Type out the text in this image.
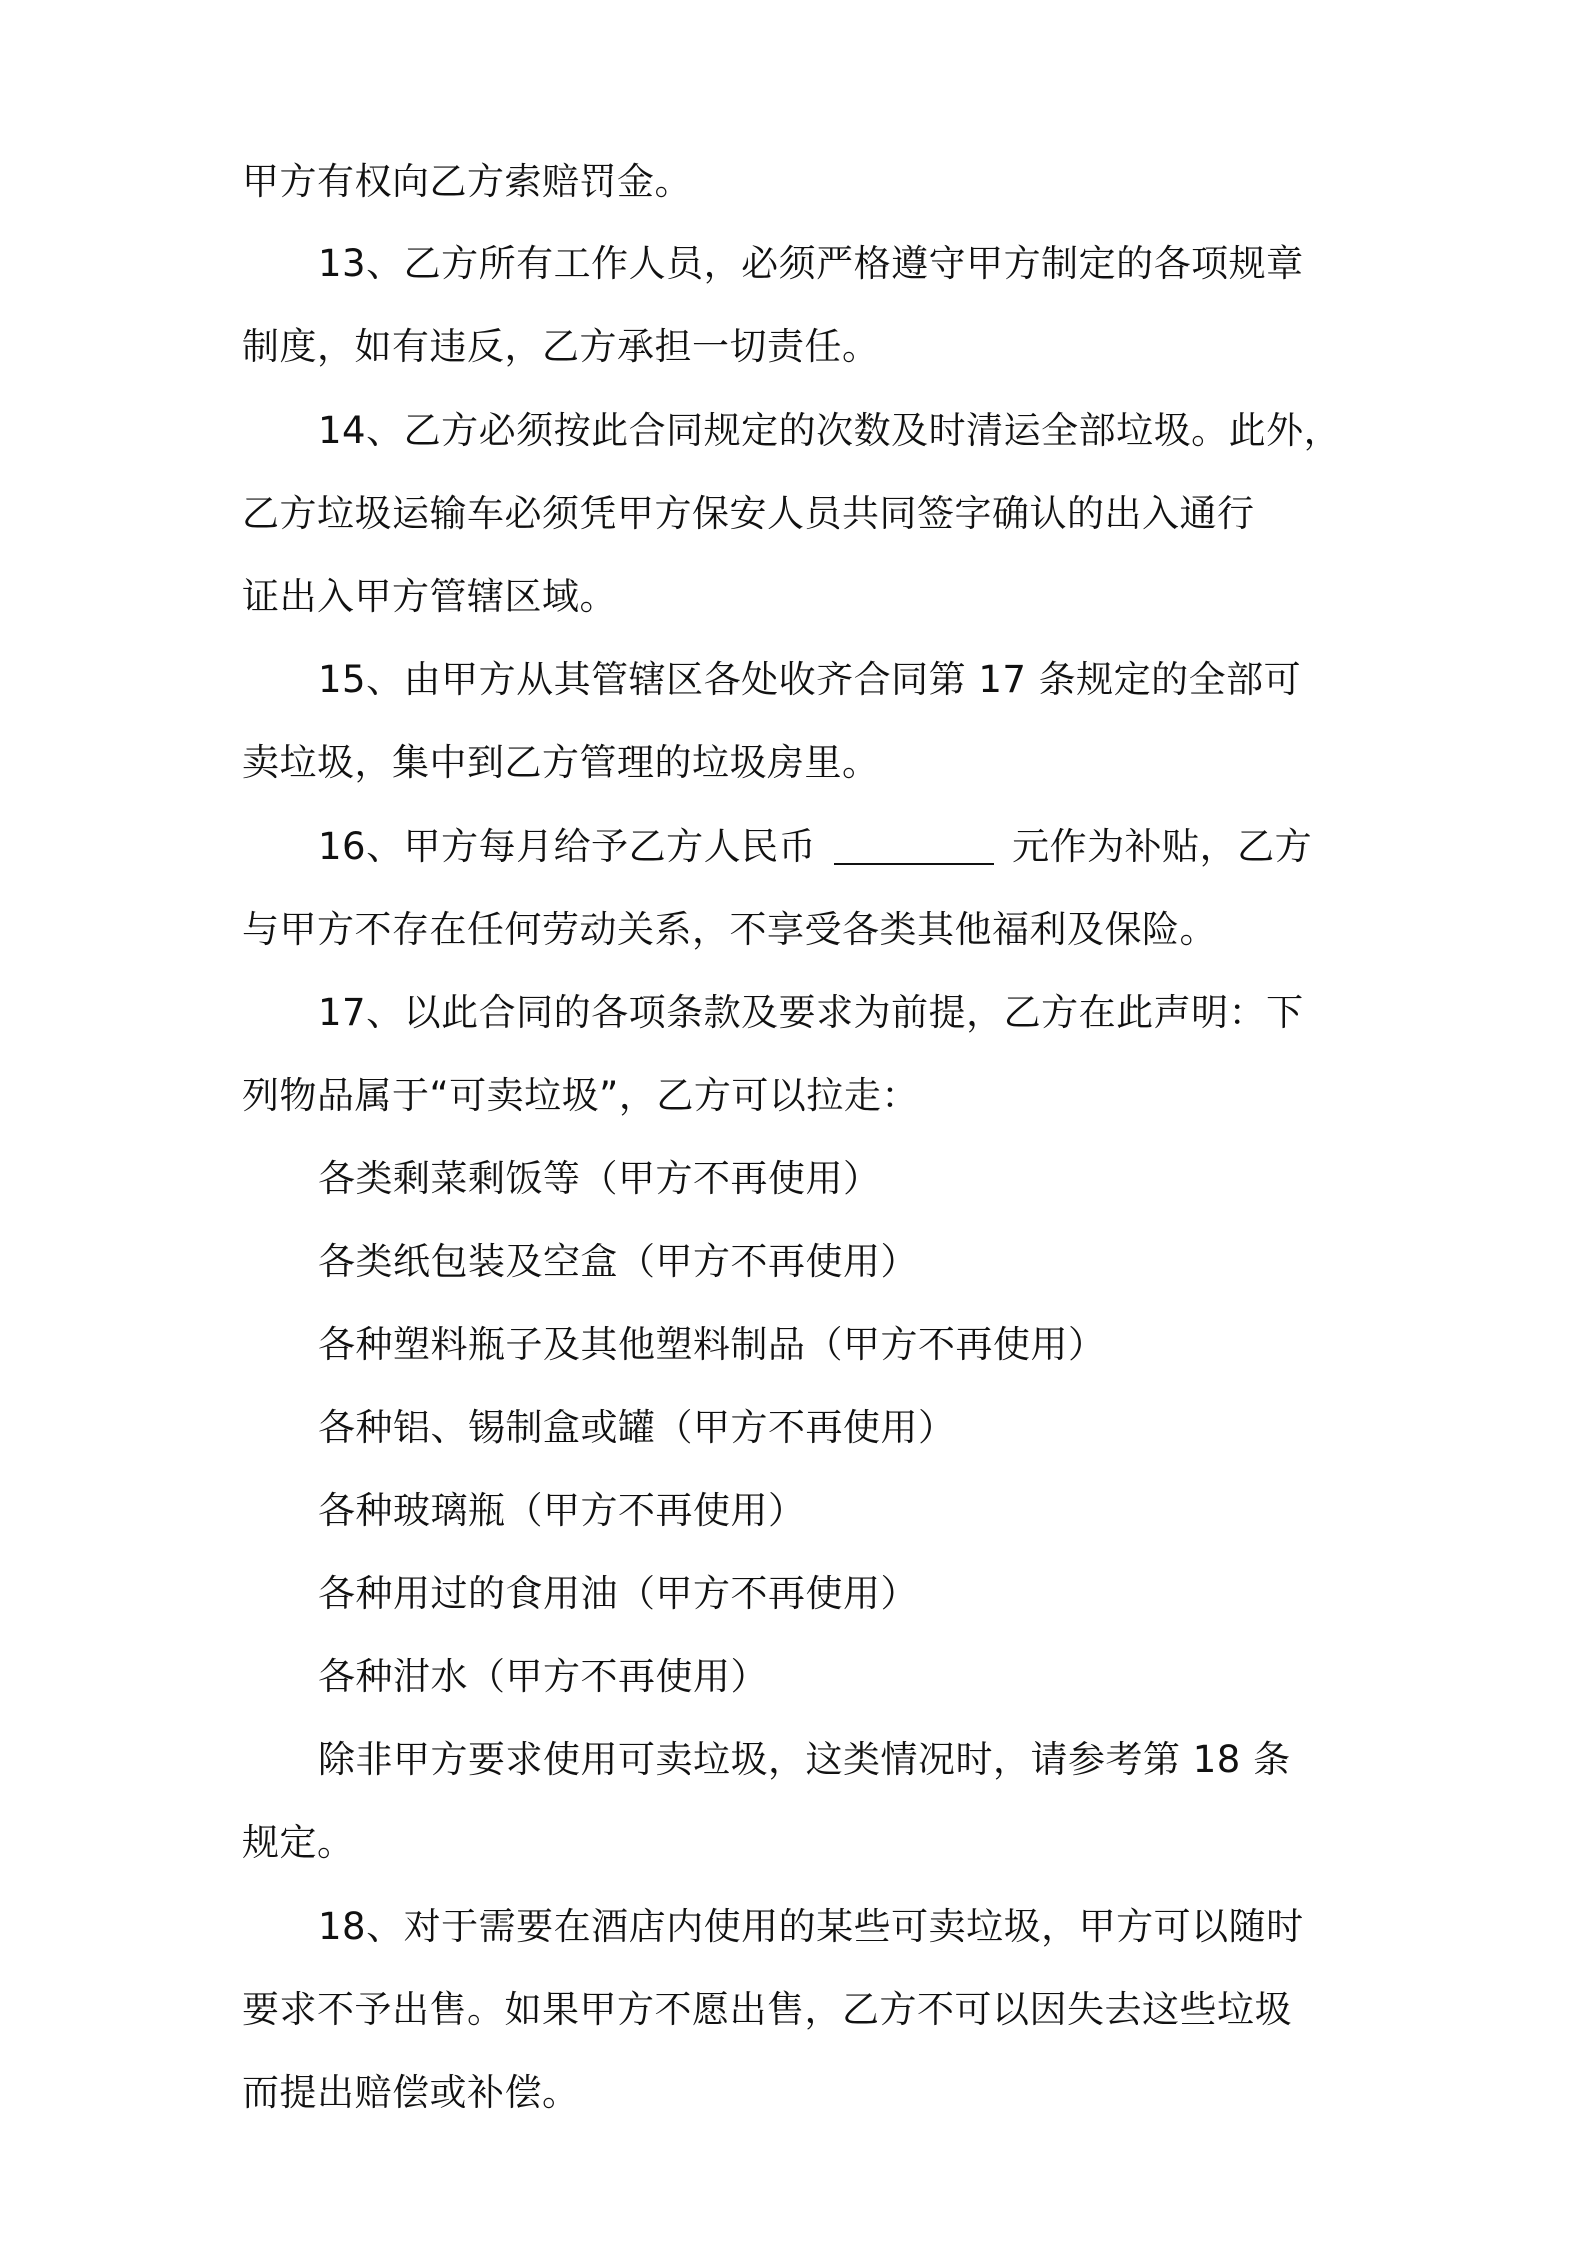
甲方有权向乙方索赔罚金。

13、乙方所有工作人员，必须严格遵守甲方制定的各项规章

制度，如有违反，乙方承担一切责任。

14、乙方必须按此合同规定的次数及时清运全部垃圾。此外，

乙方垃圾运输车必须凭甲方保安人员共同签字确认的出入通行

证出入甲方管辖区域。

15、由甲方从其管辖区各处收齐合同第 17 条规定的全部可

卖垃圾，集中到乙方管理的垃圾房里。

16、甲方每月给予乙方人民币	元作为补贴，乙方

与甲方不存在任何劳动关系，不享受各类其他福利及保险。

17、以此合同的各项条款及要求为前提，乙方在此声明：下

列物品属于“可卖垃圾”，乙方可以拉走：

各类剩菜剩饭等（甲方不再使用）

各类纸包装及空盒（甲方不再使用）

各种塑料瓶子及其他塑料制品（甲方不再使用）

各种铝、锡制盒或罐（甲方不再使用）

各种玻璃瓶（甲方不再使用）

各种用过的食用油（甲方不再使用）

各种泔水（甲方不再使用）

除非甲方要求使用可卖垃圾，这类情况时，请参考第 18 条

规定。

18、对于需要在酒店内使用的某些可卖垃圾，甲方可以随时

要求不予出售。如果甲方不愿出售，乙方不可以因失去这些垃圾

而提出赔偿或补偿。
